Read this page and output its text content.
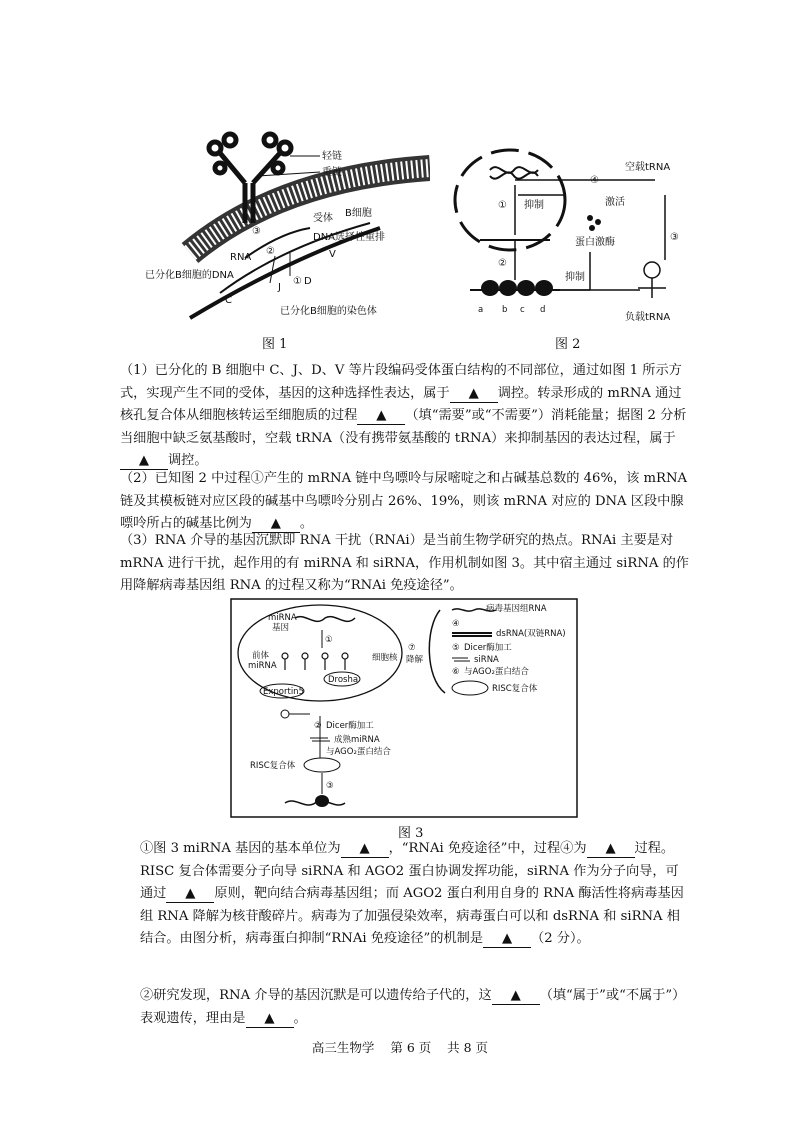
轻链
重链
受体 B细胞
DNA选择性重排
③
②
①
RNA
已分化B细胞的DNA
C
J
D
V
已分化B细胞的染色体
图 1
①
②
a b c d
④
抑制
空载tRNA
激活
蛋白激酶
抑制
③
负载tRNA
图 2

（1）已分化的 B 细胞中 C、J、D、V 等片段编码受体蛋白结构的不同部位，通过如图 1 所示方式，实现产生不同的受体，基因的这种选择性表达，属于 ▲ 调控。转录形成的 mRNA 通过核孔复合体从细胞核转运至细胞质的过程 ▲ （填“需要”或“不需要”）消耗能量；据图 2 分析当细胞中缺乏氨基酸时，空载 tRNA（没有携带氨基酸的 tRNA）来抑制基因的表达过程，属于▲ 调控。

（2）已知图 2 中过程①产生的 mRNA 链中鸟嘌呤与尿嘧啶之和占碱基总数的 46%，该 mRNA 链及其模板链对应区段的碱基中鸟嘌呤分别占 26%、19%，则该 mRNA 对应的 DNA 区段中腺嘌呤所占的碱基比例为 ▲ 。

（3）RNA 介导的基因沉默即 RNA 干扰（RNAi）是当前生物学研究的热点。RNAi 主要是对 mRNA 进行干扰，起作用的有 miRNA 和 siRNA，作用机制如图 3。其中宿主通过 siRNA 的作用降解病毒基因组 RNA 的过程又称为“RNAi 免疫途径”。

miRNA
基因
①
前体
miRNA
细胞核
Drosha
Exportin5
② Dicer酶加工
成熟miRNA
与AGO₂蛋白结合
RISC复合体
③
⑦
降解
病毒基因组RNA
④
dsRNA(双链RNA)
⑤ Dicer酶加工
siRNA
⑥ 与AGO₂蛋白结合
RISC复合体
图 3

①图 3 miRNA 基因的基本单位为 ▲ ，“RNAi 免疫途径”中，过程④为 ▲ 过程。RISC 复合体需要分子向导 siRNA 和 AGO2 蛋白协调发挥功能，siRNA 作为分子向导，可通过 ▲ 原则，靶向结合病毒基因组；而 AGO2 蛋白利用自身的 RNA 酶活性将病毒基因组 RNA 降解为核苷酸碎片。病毒为了加强侵染效率，病毒蛋白可以和 dsRNA 和 siRNA 相结合。由图分析，病毒蛋白抑制“RNAi 免疫途径”的机制是 ▲ （2 分）。

②研究发现，RNA 介导的基因沉默是可以遗传给子代的，这 ▲ （填“属于”或“不属于”）表观遗传，理由是 ▲ 。

高三生物学 第 6 页 共 8 页
